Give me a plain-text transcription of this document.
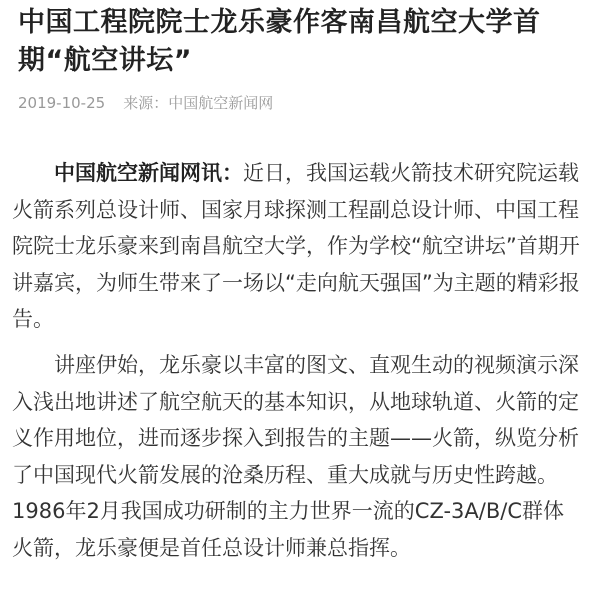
中国工程院院士龙乐豪作客南昌航空大学首期“航空讲坛”
2019-10-25 来源：中国航空新闻网

中国航空新闻网讯：近日，我国运载火箭技术研究院运载火箭系列总设计师、国家月球探测工程副总设计师、中国工程院院士龙乐豪来到南昌航空大学，作为学校“航空讲坛”首期开讲嘉宾，为师生带来了一场以“走向航天强国”为主题的精彩报告。

讲座伊始，龙乐豪以丰富的图文、直观生动的视频演示深入浅出地讲述了航空航天的基本知识，从地球轨道、火箭的定义作用地位，进而逐步探入到报告的主题——火箭，纵览分析了中国现代火箭发展的沧桑历程、重大成就与历史性跨越。1986年2月我国成功研制的主力世界一流的CZ-3A/B/C群体火箭，龙乐豪便是首任总设计师兼总指挥。
